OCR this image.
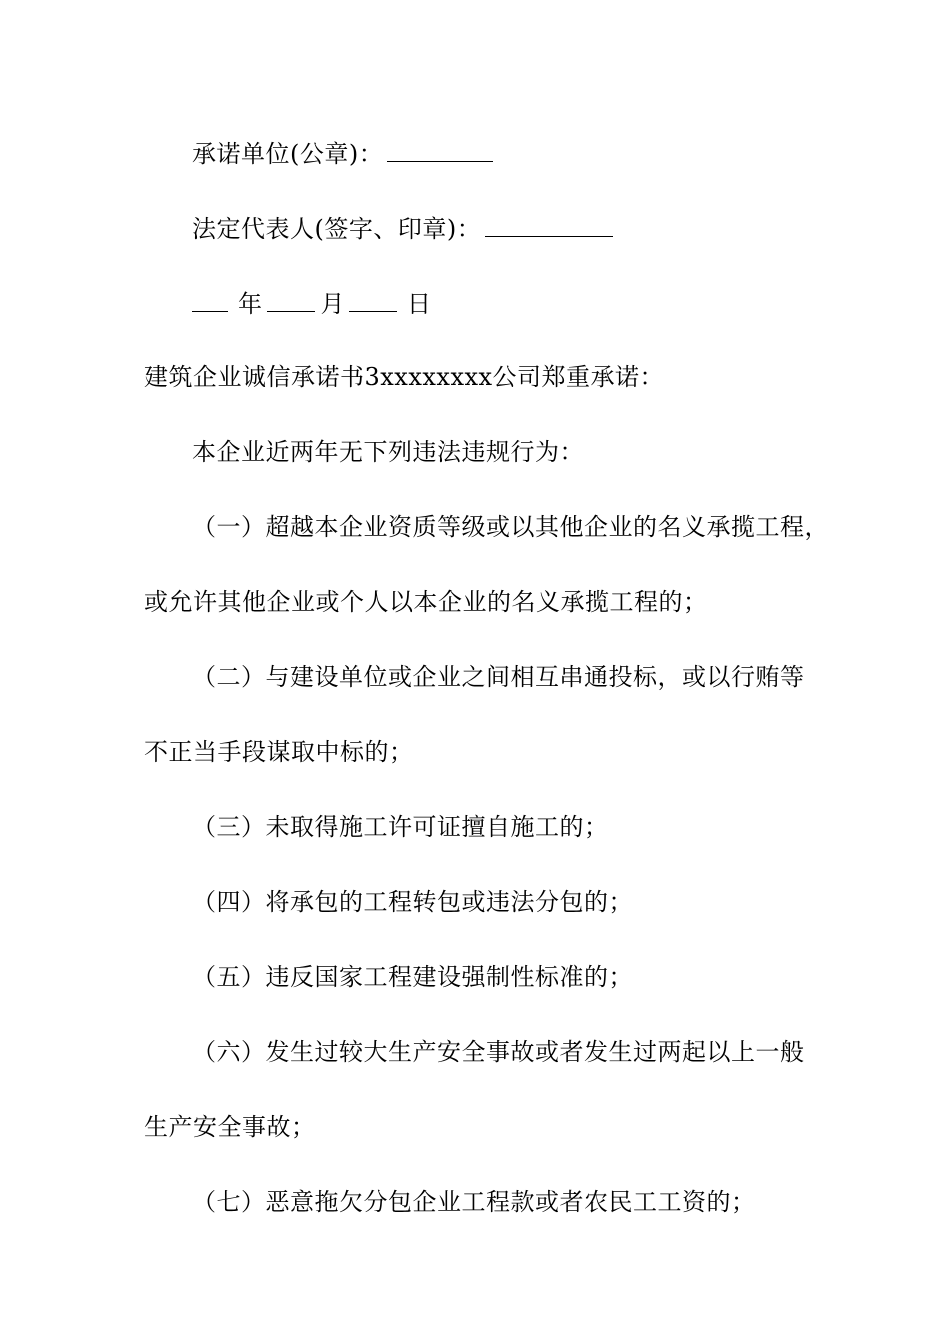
承诺单位(公章)：
法定代表人(签字、印章)：
年 月	日
建筑企业诚信承诺书3xxxxxxxx公司郑重承诺：
本企业近两年无下列违法违规行为：
（一）超越本企业资质等级或以其他企业的名义承揽工程，
或允许其他企业或个人以本企业的名义承揽工程的；
（二）与建设单位或企业之间相互串通投标，或以行贿等
不正当手段谋取中标的；
（三）未取得施工许可证擅自施工的；
（四）将承包的工程转包或违法分包的；
（五）违反国家工程建设强制性标准的；
（六）发生过较大生产安全事故或者发生过两起以上一般
生产安全事故；
（七）恶意拖欠分包企业工程款或者农民工工资的；
